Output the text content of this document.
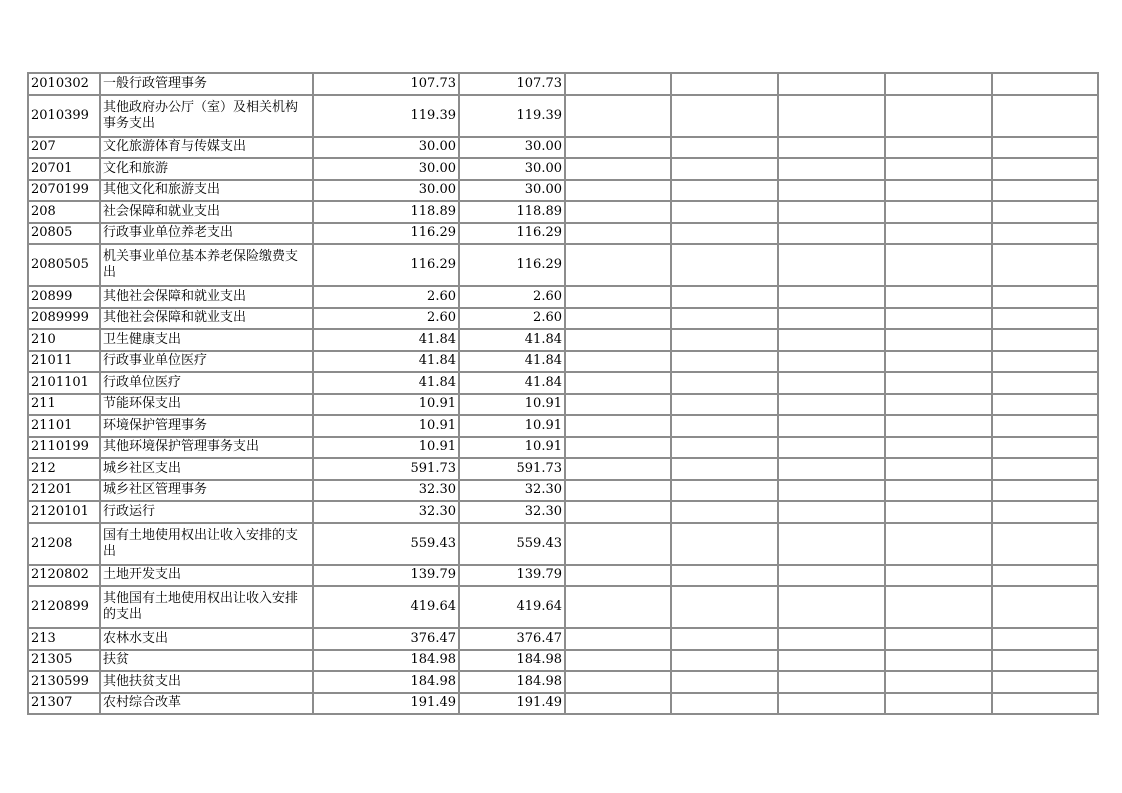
2010302	一般行政管理事务	107.73	107.73					
2010399	其他政府办公厅（室）及相关机构事务支出	119.39	119.39					
207	文化旅游体育与传媒支出	30.00	30.00					
20701	文化和旅游	30.00	30.00					
2070199	其他文化和旅游支出	30.00	30.00					
208	社会保障和就业支出	118.89	118.89					
20805	行政事业单位养老支出	116.29	116.29					
2080505	机关事业单位基本养老保险缴费支出	116.29	116.29					
20899	其他社会保障和就业支出	2.60	2.60					
2089999	其他社会保障和就业支出	2.60	2.60					
210	卫生健康支出	41.84	41.84					
21011	行政事业单位医疗	41.84	41.84					
2101101	行政单位医疗	41.84	41.84					
211	节能环保支出	10.91	10.91					
21101	环境保护管理事务	10.91	10.91					
2110199	其他环境保护管理事务支出	10.91	10.91					
212	城乡社区支出	591.73	591.73					
21201	城乡社区管理事务	32.30	32.30					
2120101	行政运行	32.30	32.30					
21208	国有土地使用权出让收入安排的支出	559.43	559.43					
2120802	土地开发支出	139.79	139.79					
2120899	其他国有土地使用权出让收入安排的支出	419.64	419.64					
213	农林水支出	376.47	376.47					
21305	扶贫	184.98	184.98					
2130599	其他扶贫支出	184.98	184.98					
21307	农村综合改革	191.49	191.49					
